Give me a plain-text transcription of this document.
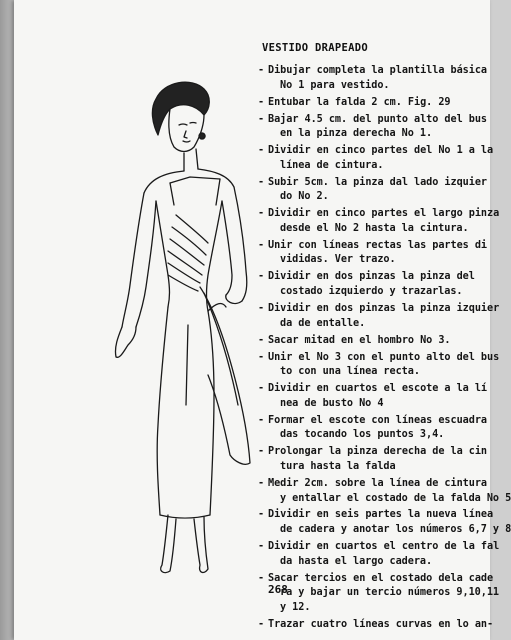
VESTIDO DRAPEADO
- Dibujar completa la plantilla básica
No 1 para vestido.
- Entubar la falda 2 cm. Fig. 29
- Bajar 4.5 cm. del punto alto del bus
en la pinza derecha No 1.
- Dividir en cinco partes del No 1 a la
línea de cintura.
- Subir 5cm. la pinza dal lado izquier
do No 2.
- Dividir en cinco partes el largo pinza
desde el No 2 hasta la cintura.
- Unir con líneas rectas las partes di
vididas. Ver trazo.
- Dividir en dos pinzas la pinza del
costado izquierdo y trazarlas.
- Dividir en dos pinzas la pinza izquier
da de entalle.
- Sacar mitad en el hombro No 3.
- Unir el No 3 con el punto alto del bus
to con una línea recta.
- Dividir en cuartos el escote a la lí
nea de busto No 4
- Formar el escote con líneas escuadra
das tocando los puntos 3,4.
- Prolongar la pinza derecha de la cin
tura hasta la falda
- Medir 2cm. sobre la línea de cintura
y entallar el costado de la falda No 5
- Dividir en seis partes la nueva línea
de cadera y anotar los números 6,7 y 8
- Dividir en cuartos el centro de la fal
da hasta el largo cadera.
- Sacar tercios en el costado dela cade
ra y bajar un tercio números 9,10,11
y 12.
- Trazar cuatro líneas curvas en lo an-
268
